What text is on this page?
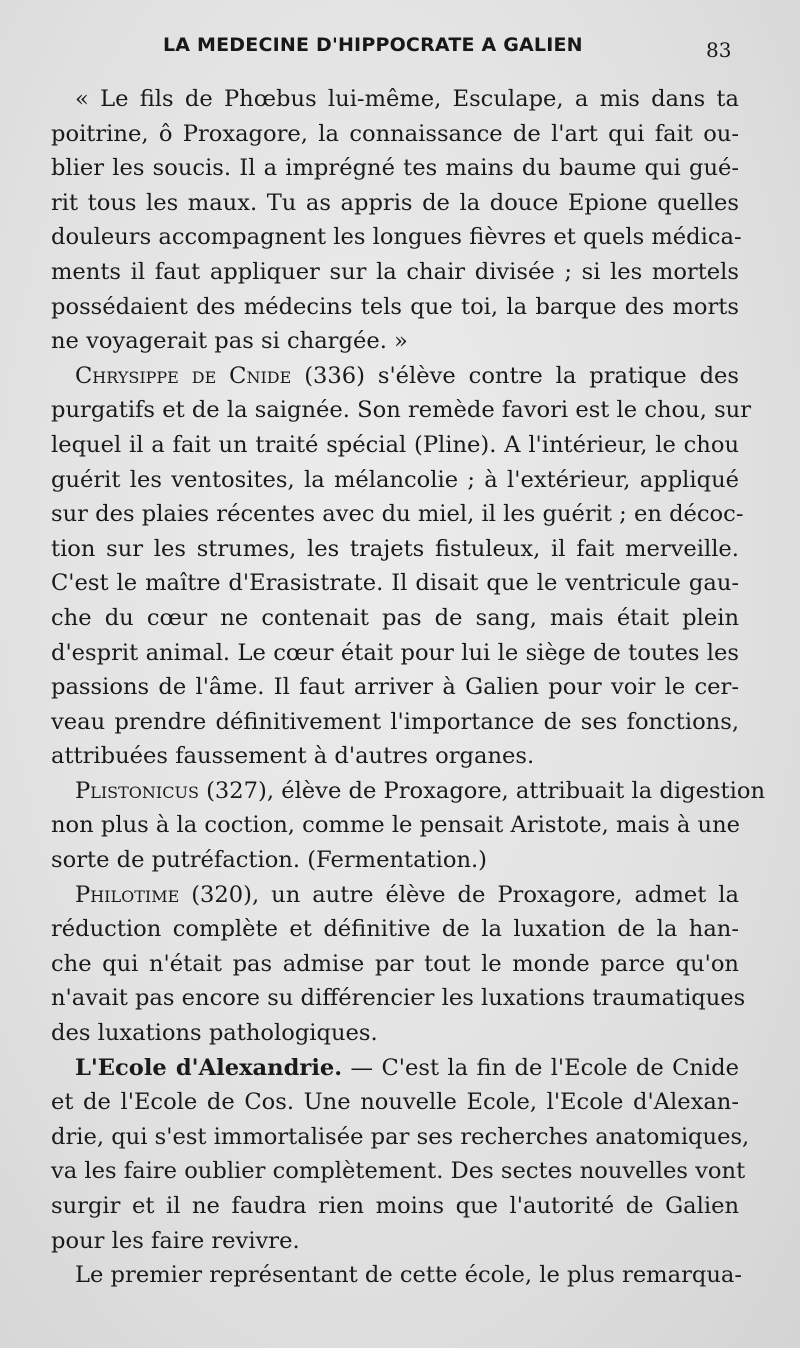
LA MEDECINE D'HIPPOCRATE A GALIEN	83
« Le fils de Phœbus lui-même, Esculape, a mis dans ta
poitrine, ô Proxagore, la connaissance de l'art qui fait ou-
blier les soucis. Il a imprégné tes mains du baume qui gué-
rit tous les maux. Tu as appris de la douce Epione quelles
douleurs accompagnent les longues fièvres et quels médica-
ments il faut appliquer sur la chair divisée ; si les mortels
possédaient des médecins tels que toi, la barque des morts
ne voyagerait pas si chargée. »
Chrysippe de Cnide (336) s'élève contre la pratique des
purgatifs et de la saignée. Son remède favori est le chou, sur
lequel il a fait un traité spécial (Pline). A l'intérieur, le chou
guérit les ventosites, la mélancolie ; à l'extérieur, appliqué
sur des plaies récentes avec du miel, il les guérit ; en décoc-
tion sur les strumes, les trajets fistuleux, il fait merveille.
C'est le maître d'Erasistrate. Il disait que le ventricule gau-
che du cœur ne contenait pas de sang, mais était plein
d'esprit animal. Le cœur était pour lui le siège de toutes les
passions de l'âme. Il faut arriver à Galien pour voir le cer-
veau prendre définitivement l'importance de ses fonctions,
attribuées faussement à d'autres organes.
Plistonicus (327), élève de Proxagore, attribuait la digestion
non plus à la coction, comme le pensait Aristote, mais à une
sorte de putréfaction. (Fermentation.)
Philotime (320), un autre élève de Proxagore, admet la
réduction complète et définitive de la luxation de la han-
che qui n'était pas admise par tout le monde parce qu'on
n'avait pas encore su différencier les luxations traumatiques
des luxations pathologiques.
L'Ecole d'Alexandrie. — C'est la fin de l'Ecole de Cnide
et de l'Ecole de Cos. Une nouvelle Ecole, l'Ecole d'Alexan-
drie, qui s'est immortalisée par ses recherches anatomiques,
va les faire oublier complètement. Des sectes nouvelles vont
surgir et il ne faudra rien moins que l'autorité de Galien
pour les faire revivre.
Le premier représentant de cette école, le plus remarqua-
